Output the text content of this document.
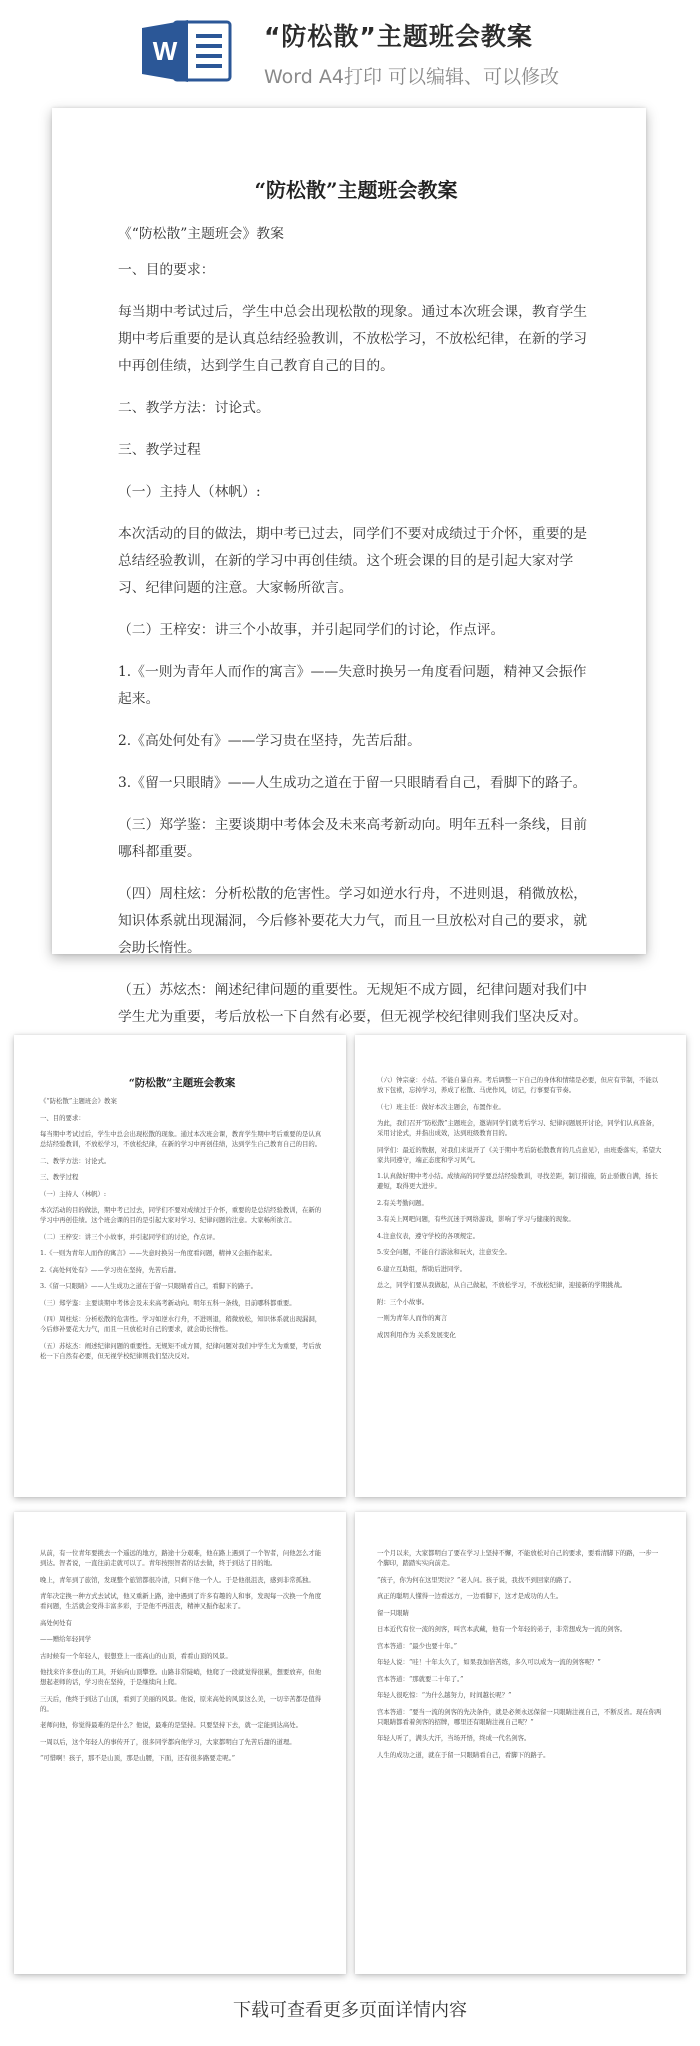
W	“防松散”主题班会教案
Word A4打印 可以编辑、可以修改
“防松散”主题班会教案

《“防松散”主题班会》教案

一、目的要求：

每当期中考试过后，学生中总会出现松散的现象。通过本次班会课，教育学生期中考后重要的是认真总结经验教训，不放松学习，不放松纪律，在新的学习中再创佳绩，达到学生自己教育自己的目的。

二、教学方法：讨论式。

三、教学过程

（一）主持人（林帆）:

本次活动的目的做法，期中考已过去，同学们不要对成绩过于介怀，重要的是总结经验教训，在新的学习中再创佳绩。这个班会课的目的是引起大家对学习、纪律问题的注意。大家畅所欲言。

（二）王梓安：讲三个小故事，并引起同学们的讨论，作点评。

1.《一则为青年人而作的寓言》——失意时换另一角度看问题，精神又会振作起来。

2.《高处何处有》——学习贵在坚持，先苦后甜。

3.《留一只眼睛》——人生成功之道在于留一只眼睛看自己，看脚下的路子。

（三）郑学鉴：主要谈期中考体会及未来高考新动向。明年五科一条线，目前哪科都重要。

（四）周柱炫：分析松散的危害性。学习如逆水行舟，不进则退，稍微放松，知识体系就出现漏洞，今后修补要花大力气，而且一旦放松对自己的要求，就会助长惰性。

（五）苏炫杰：阐述纪律问题的重要性。无规矩不成方圆，纪律问题对我们中学生尤为重要，考后放松一下自然有必要，但无视学校纪律则我们坚决反对。

“防松散”主题班会教案

《“防松散”主题班会》教案

一、目的要求：

每当期中考试过后，学生中总会出现松散的现象。通过本次班会课，教育学生期中考后重要的是认真总结经验教训，不放松学习，不放松纪律，在新的学习中再创佳绩，达到学生自己教育自己的目的。

二、教学方法：讨论式。

三、教学过程

（一）主持人（林帆）:

本次活动的目的做法，期中考已过去，同学们不要对成绩过于介怀，重要的是总结经验教训，在新的学习中再创佳绩。这个班会课的目的是引起大家对学习、纪律问题的注意。大家畅所欲言。

（二）王梓安：讲三个小故事，并引起同学们的讨论，作点评。

1.《一则为青年人而作的寓言》——失意时换另一角度看问题，精神又会振作起来。

2.《高处何处有》——学习贵在坚持，先苦后甜。

3.《留一只眼睛》——人生成功之道在于留一只眼睛看自己，看脚下的路子。

（三）郑学鉴：主要谈期中考体会及未来高考新动向。明年五科一条线，目前哪科都重要。

（四）周柱炫：分析松散的危害性。学习如逆水行舟，不进则退，稍微放松，知识体系就出现漏洞，今后修补要花大力气，而且一旦放松对自己的要求，就会助长惰性。

（五）苏炫杰：阐述纪律问题的重要性。无规矩不成方圆，纪律问题对我们中学生尤为重要，考后放松一下自然有必要，但无视学校纪律则我们坚决反对。

（六）钟宗豪：小结。不能自暴自弃。考后调整一下自己的身体和情绪是必要，但应有节制，不能以放下包袱，忘掉学习，养成了松散、马虎作风，切记，行事要有节奏。

（七）班主任：做好本次主题会，布置作业。

为此，我们召开“防松散”主题班会，邀请同学们就考后学习、纪律问题展开讨论，同学们认真准备，采用讨论式，并指出成效，达到班级教育目的。

同学们：最近的数据，对我们来说开了《关于期中考后防松散教育的几点意见》，由班委落实，希望大家共同遵守，端正态度和学习风气。

1.认真做好期中考小结。成绩高的同学要总结经验教训，寻找差距，制订措施，防止骄傲自满，扬长避短，取得更大进步。

2.有关考勤问题。

3.有关上网吧问题，有些沉迷于网络游戏，影响了学习与健康的现象。

4.注意仪表，遵守学校的各项规定。

5.安全问题，不能自行游泳和玩火，注意安全。

6.建立互助组，帮助后进同学。

总之，同学们要从我做起，从自己做起，不放松学习，不放松纪律，迎接新的学期挑战。

附：三个小故事。

一则为青年人而作的寓言

成因利用作为 关系发展变化

从前，有一位青年要挑去一个遥远的地方，路途十分艰难，他在路上遇到了一个智者，问他怎么才能到达。智者说，一直往前走就可以了。青年按照智者的话去做，终于到达了目的地。

晚上，青年到了旅馆，发现整个旅馆都很冷清，只剩下他一个人。于是他很沮丧，感到非常孤独。

青年决定换一种方式去试试，他又重新上路，途中遇到了许多有趣的人和事，发现每一次换一个角度看问题，生活就会变得丰富多彩，于是他不再沮丧，精神又振作起来了。

高处何处有

——赠给年轻同学

古时候有一个年轻人，很想登上一座高山的山顶，看看山顶的风景。

他找来许多登山的工具，开始向山顶攀登。山路非常陡峭，他爬了一段就觉得很累，想要放弃，但他想起老师的话，学习贵在坚持，于是继续向上爬。

三天后，他终于到达了山顶，看到了美丽的风景。他说，原来高处的风景这么美，一切辛苦都是值得的。

老师问他，你觉得最难的是什么？他说，最难的是坚持。只要坚持下去，就一定能到达高处。

一周以后，这个年轻人的事传开了，很多同学都向他学习，大家都明白了先苦后甜的道理。

“可惜啊！孩子，那不是山顶，那是山腰，下面，还有很多路要走呢。”

一个月以来，大家都明白了要在学习上坚持不懈，不能放松对自己的要求，要看清脚下的路，一步一个脚印，踏踏实实向前走。

“孩子，你为何在这里哭泣？”老人问。孩子说，我找不到回家的路了。

真正的聪明人懂得一边看远方，一边看脚下，这才是成功的人生。

留一只眼睛

日本近代有位一流的剑客，叫宫本武藏，他有一个年轻的弟子，非常想成为一流的剑客。

宫本答道：“最少也要十年。”

年轻人说：“哇！十年太久了，如果我加倍苦练，多久可以成为一流的剑客呢？”

宫本答道：“那就要二十年了。”

年轻人很吃惊：“为什么越努力，时间越长呢？”

宫本答道：“要当一流的剑客的先决条件，就是必须永远保留一只眼睛注视自己，不断反省。现在你两只眼睛都看着剑客的招牌，哪里还有眼睛注视自己呢？”

年轻人听了，满头大汗，当场开悟，终成一代名剑客。

人生的成功之道，就在于留一只眼睛看自己，看脚下的路子。

下载可查看更多页面详情内容
